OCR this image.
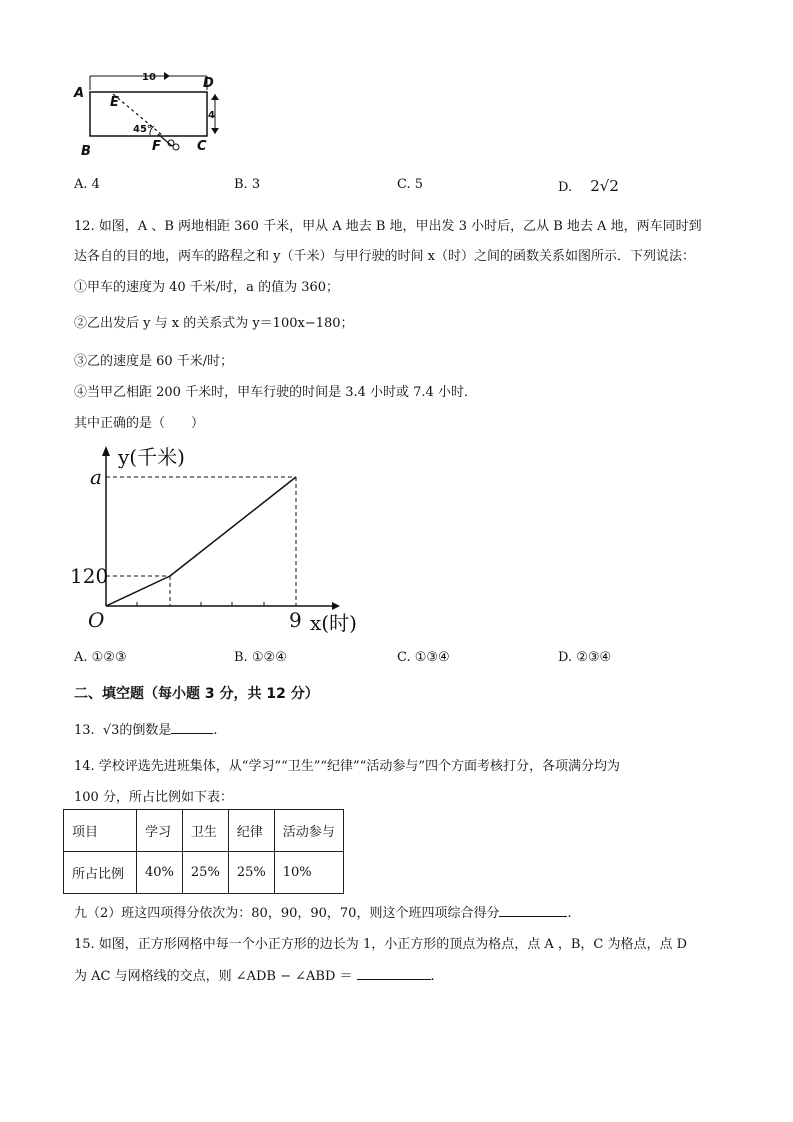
A
B	C
D
E
F
10
4
45°
A. 4	B. 3	C. 5	D. 2√2
12. 如图，A 、B 两地相距 360 千米，甲从 A 地去 B 地，甲出发 3 小时后，乙从 B 地去 A 地，两车同时到
达各自的目的地，两车的路程之和 y（千米）与甲行驶的时间 x（时）之间的函数关系如图所示．下列说法：
①甲车的速度为 40 千米/时，a 的值为 360；
②乙出发后 y 与 x 的关系式为 y＝100x−180；
③乙的速度是 60 千米/时；
④当甲乙相距 200 千米时，甲车行驶的时间是 3.4 小时或 7.4 小时．
其中正确的是（　　）
y(千米)
x(时)
a
120
9
O
A. ①②③	B. ①②④	C. ①③④	D. ②③④
二、填空题（每小题 3 分，共 12 分）
13. √3的倒数是	.
14. 学校评选先进班集体，从“学习”“卫生”“纪律”“活动参与”四个方面考核打分，各项满分均为
100 分，所占比例如下表：
项目	学习	卫生	纪律	活动参与
所占比例	40%	25%	25%	10%
九（2）班这四项得分依次为：80，90，90，70，则这个班四项综合得分	.
15. 如图，正方形网格中每一个小正方形的边长为 1，小正方形的顶点为格点，点 A ，B，C 为格点，点 D
为 AC 与网格线的交点，则 ∠ADB − ∠ABD ＝	.
